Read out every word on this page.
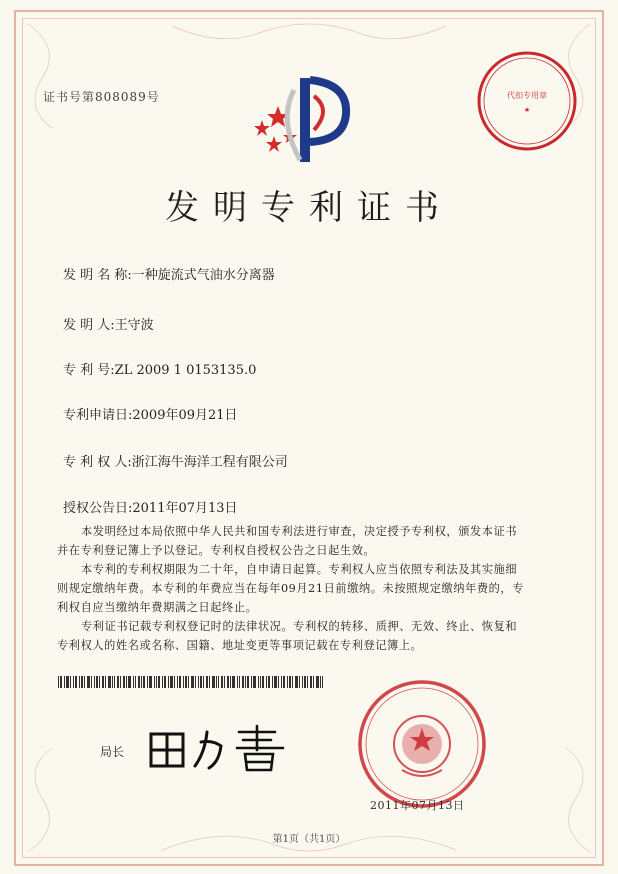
证书号第808089号	代扣专用章
★
发明专利证书
发 明 名 称:一种旋流式气油水分离器
发 明 人:王守波
专 利 号:ZL 2009 1 0153135.0
专利申请日:2009年09月21日
专 利 权 人:浙江海牛海洋工程有限公司
授权公告日:2011年07月13日

本发明经过本局依照中华人民共和国专利法进行审查，决定授予专利权，颁发本证书并在专利登记簿上予以登记。专利权自授权公告之日起生效。

本专利的专利权期限为二十年，自申请日起算。专利权人应当依照专利法及其实施细则规定缴纳年费。本专利的年费应当在每年09月21日前缴纳。未按照规定缴纳年费的，专利权自应当缴纳年费期满之日起终止。

专利证书记载专利权登记时的法律状况。专利权的转移、质押、无效、终止、恢复和专利权人的姓名或名称、国籍、地址变更等事项记载在专利登记簿上。

局长
2011年07月13日
第1页（共1页）
